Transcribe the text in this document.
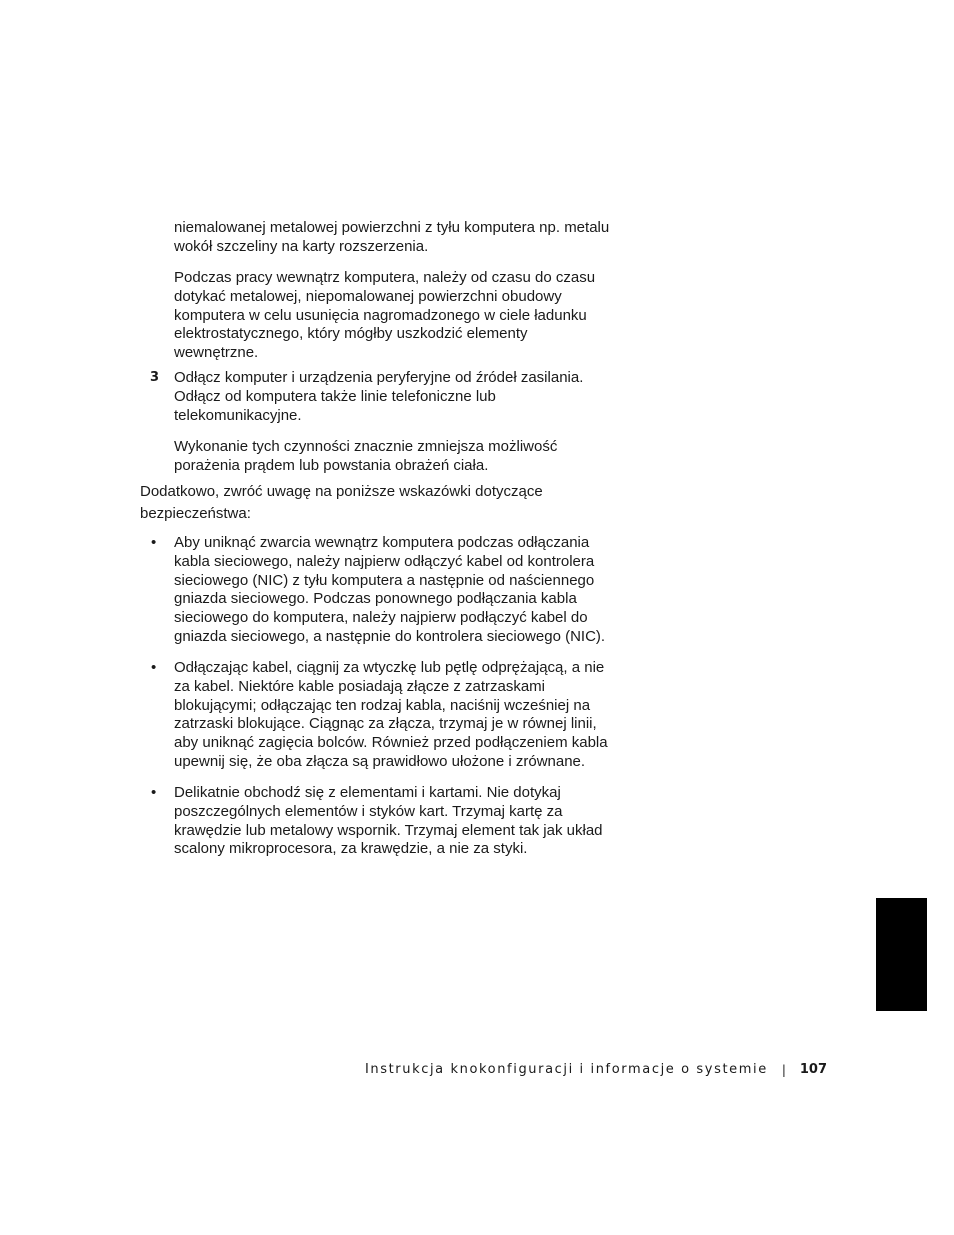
niemalowanej metalowej powierzchni z tyłu komputera np. metalu
wokół szczeliny na karty rozszerzenia.

Podczas pracy wewnątrz komputera, należy od czasu do czasu
dotykać metalowej, niepomalowanej powierzchni obudowy
komputera w celu usunięcia nagromadzonego w ciele ładunku
elektrostatycznego, który mógłby uszkodzić elementy
wewnętrzne.

3 Odłącz komputer i urządzenia peryferyjne od źródeł zasilania.
Odłącz od komputera także linie telefoniczne lub
telekomunikacyjne.

Wykonanie tych czynności znacznie zmniejsza możliwość
porażenia prądem lub powstania obrażeń ciała.

Dodatkowo, zwróć uwagę na poniższe wskazówki dotyczące
bezpieczeństwa:

• Aby uniknąć zwarcia wewnątrz komputera podczas odłączania
kabla sieciowego, należy najpierw odłączyć kabel od kontrolera
sieciowego (NIC) z tyłu komputera a następnie od naściennego
gniazda sieciowego. Podczas ponownego podłączania kabla
sieciowego do komputera, należy najpierw podłączyć kabel do
gniazda sieciowego, a następnie do kontrolera sieciowego (NIC).

• Odłączając kabel, ciągnij za wtyczkę lub pętlę odprężającą, a nie
za kabel. Niektóre kable posiadają złącze z zatrzaskami
blokującymi; odłączając ten rodzaj kabla, naciśnij wcześniej na
zatrzaski blokujące. Ciągnąc za złącza, trzymaj je w równej linii,
aby uniknąć zagięcia bolców. Również przed podłączeniem kabla
upewnij się, że oba złącza są prawidłowo ułożone i zrównane.

• Delikatnie obchodź się z elementami i kartami. Nie dotykaj
poszczególnych elementów i styków kart. Trzymaj kartę za
krawędzie lub metalowy wspornik. Trzymaj element tak jak układ
scalony mikroprocesora, za krawędzie, a nie za styki.

Instrukcja knokonfiguracji i informacje o systemie | 107
